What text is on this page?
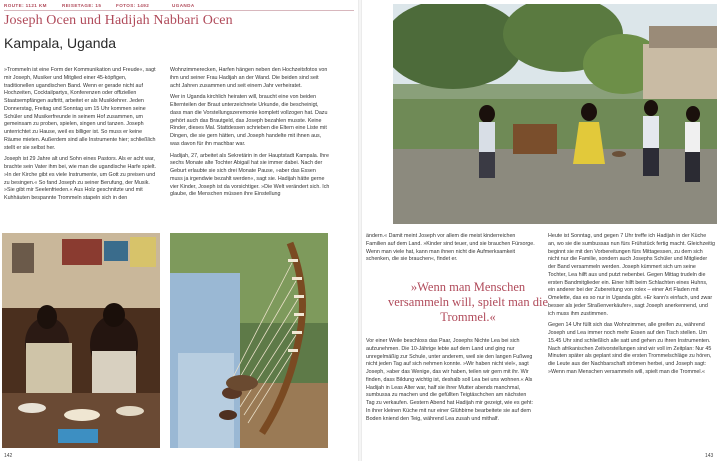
ROUTE: 1121 KM	REISETAGE: 15	FOTOS: 1492	UGANDA
Joseph Ocen und Hadijah Nabbari Ocen
Kampala, Uganda

»Trommeln ist eine Form der Kommunikation und Freude«, sagt mir Joseph, Musiker und Mitglied einer 45-köpfigen, traditionellen ugandischen Band. Wenn er gerade nicht auf Hochzeiten, Cocktailpartys, Konferenzen oder offiziellen Staatsempfängen auftritt, arbeitet er als Musiklehrer. Jeden Donnerstag, Freitag und Sonntag um 15 Uhr kommen seine Schüler und Musikerfreunde in seinem Hof zusammen, um gemeinsam zu proben, spielen, singen und tanzen. Joseph unterrichtet zu Hause, weil es billiger ist. So muss er keine Räume mieten. Außerdem sind alle Instrumente hier; schließlich stellt er sie selbst her.

Joseph ist 29 Jahre alt und Sohn eines Pastors. Als er acht war, brachte sein Vater ihm bei, wie man die ugandische Harfe spielt. »In der Kirche gibt es viele Instrumente, um Gott zu preisen und zu besingen.« So fand Joseph zu seiner Berufung, der Musik. »Sie gibt mir Seelenfrieden.« Aus Holz geschnitzte und mit Kuhhäuten bespannte Trommeln stapeln sich in den

Wohnzimmerecken, Harfen hängen neben den Hochzeitsfotos von ihm und seiner Frau Hadijah an der Wand. Die beiden sind seit acht Jahren zusammen und seit einem Jahr verheiratet.

Wer in Uganda kirchlich heiraten will, braucht eine von beiden Elternteilen der Braut unterzeichnete Urkunde, die bescheinigt, dass man die Vorstellungszeremonie komplett vollzogen hat. Dazu gehört auch das Brautgeld, das Joseph bezahlen musste. Keine Rinder, dieses Mal. Stattdessen schrieben die Eltern eine Liste mit Dingen, die sie gern hätten, und Joseph handelte mit ihnen aus, was davon für ihn machbar war.

Hadijah, 27, arbeitet als Sekretärin in der Hauptstadt Kampala. Ihre sechs Monate alte Tochter Abigail hat sie immer dabei. Nach der Geburt erlaubte sie sich drei Monate Pause, »aber das Essen muss ja irgendwie bezahlt werden«, sagt sie. Hadijah hätte gerne vier Kinder, Joseph ist da vorsichtiger. »Die Welt verändert sich. Ich glaube, die Menschen müssen ihre Einstellung

142

ändern.« Damit meint Joseph vor allem die meist kinderreichen Familien auf dem Land. »Kinder sind teuer, und sie brauchen Fürsorge. Wenn man viele hat, kann man ihnen nicht die Aufmerksamkeit schenken, die sie brauchen«, findet er.

»Wenn man Menschen versammeln will, spielt man die Trommel.«

Vor einer Weile beschloss das Paar, Josephs Nichte Lea bei sich aufzunehmen. Die 10-Jährige lebte auf dem Land und ging nur unregelmäßig zur Schule, unter anderem, weil sie den langen Fußweg nicht jeden Tag auf sich nehmen konnte. »Wir haben nicht viel«, sagt Joseph, »aber das Wenige, das wir haben, teilen wir gern mit ihr. Wir finden, dass Bildung wichtig ist, deshalb soll Lea bei uns wohnen.« Als Hadijah in Leas Alter war, half sie ihrer Mutter abends manchmal, sumbussa zu machen und die gefüllten Teigtäschchen am nächsten Tag zu verkaufen. Gestern Abend hat Hadijah mir gezeigt, wie es geht: In ihrer kleinen Küche mit nur einer Glühbirne bearbeitete sie auf dem Boden kniend den Teig, während Lea zusah und mithalf.

Heute ist Sonntag, und gegen 7 Uhr treffe ich Hadijah in der Küche an, wo sie die sumbussas nun fürs Frühstück fertig macht. Gleichzeitig beginnt sie mit den Vorbereitungen fürs Mittagessen, zu dem sich nicht nur die Familie, sondern auch Josephs Schüler und Mitglieder der Band versammeln werden. Joseph kümmert sich um seine Tochter, Lea hilft aus und putzt nebenbei. Gegen Mittag trudeln die ersten Bandmitglieder ein. Einer hilft beim Schlachten eines Huhns, ein anderer bei der Zubereitung von rolex – einer Art Fladen mit Omelette, das es so nur in Uganda gibt. »Er kann's einfach, und zwar besser als jeder Straßenverkäufer«, sagt Joseph anerkennend, und ich muss ihm zustimmen.

Gegen 14 Uhr füllt sich das Wohnzimmer, alle greifen zu, während Joseph und Lea immer noch mehr Essen auf den Tisch stellen. Um 15.45 Uhr sind schließlich alle satt und gehen zu ihren Instrumenten. Nach afrikanischen Zeitvorstellungen sind wir voll im Zeitplan: Nur 45 Minuten später als geplant sind die ersten Trommelschläge zu hören, die Leute aus der Nachbarschaft strömen herbei, und Joseph sagt: »Wenn man Menschen versammeln will, spielt man die Trommel.«

143
